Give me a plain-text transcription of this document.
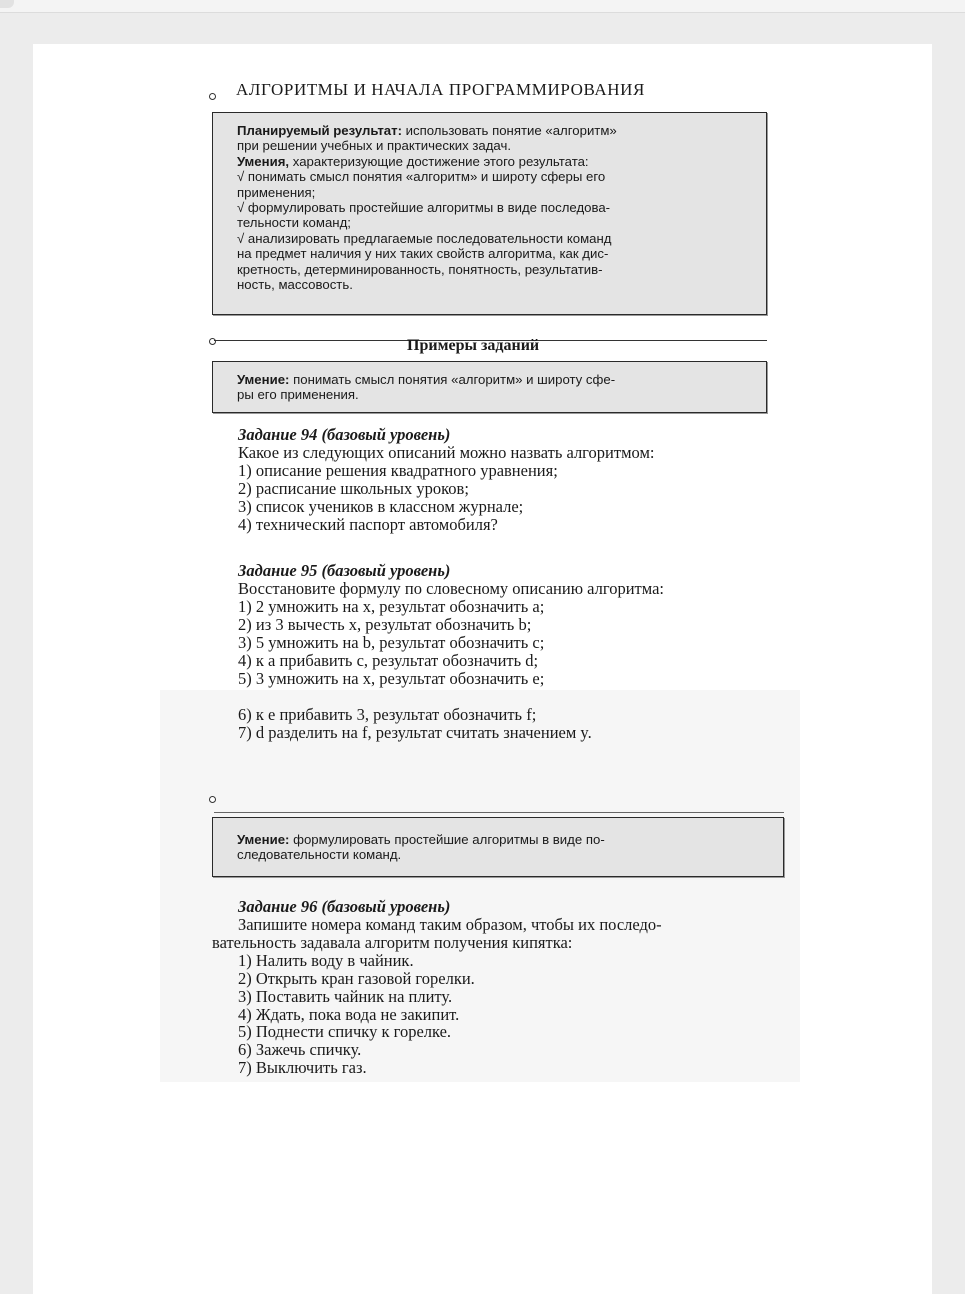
АЛГОРИТМЫ И НАЧАЛА ПРОГРАММИРОВАНИЯ
Планируемый результат: использовать понятие «алгоритм»
при решении учебных и практических задач.
Умения, характеризующие достижение этого результата:
√ понимать смысл понятия «алгоритм» и широту сферы его
применения;
√ формулировать простейшие алгоритмы в виде последова-
тельности команд;
√ анализировать предлагаемые последовательности команд
на предмет наличия у них таких свойств алгоритма, как дис-
кретность, детерминированность, понятность, результатив-
ность, массовость.
Примеры заданий
Умение: понимать смысл понятия «алгоритм» и широту сфе-
ры его применения.
Задание 94 (базовый уровень)
Какое из следующих описаний можно назвать алгоритмом:
1) описание решения квадратного уравнения;
2) расписание школьных уроков;
3) список учеников в классном журнале;
4) технический паспорт автомобиля?
Задание 95 (базовый уровень)
Восстановите формулу по словесному описанию алгоритма:
1) 2 умножить на x, результат обозначить a;
2) из 3 вычесть x, результат обозначить b;
3) 5 умножить на b, результат обозначить c;
4) к a прибавить c, результат обозначить d;
5) 3 умножить на x, результат обозначить e;
6) к e прибавить 3, результат обозначить f;
7) d разделить на f, результат считать значением y.
Умение: формулировать простейшие алгоритмы в виде по-
следовательности команд.
Задание 96 (базовый уровень)
Запишите номера команд таким образом, чтобы их последо-
вательность задавала алгоритм получения кипятка:
1) Налить воду в чайник.
2) Открыть кран газовой горелки.
3) Поставить чайник на плиту.
4) Ждать, пока вода не закипит.
5) Поднести спичку к горелке.
6) Зажечь спичку.
7) Выключить газ.
